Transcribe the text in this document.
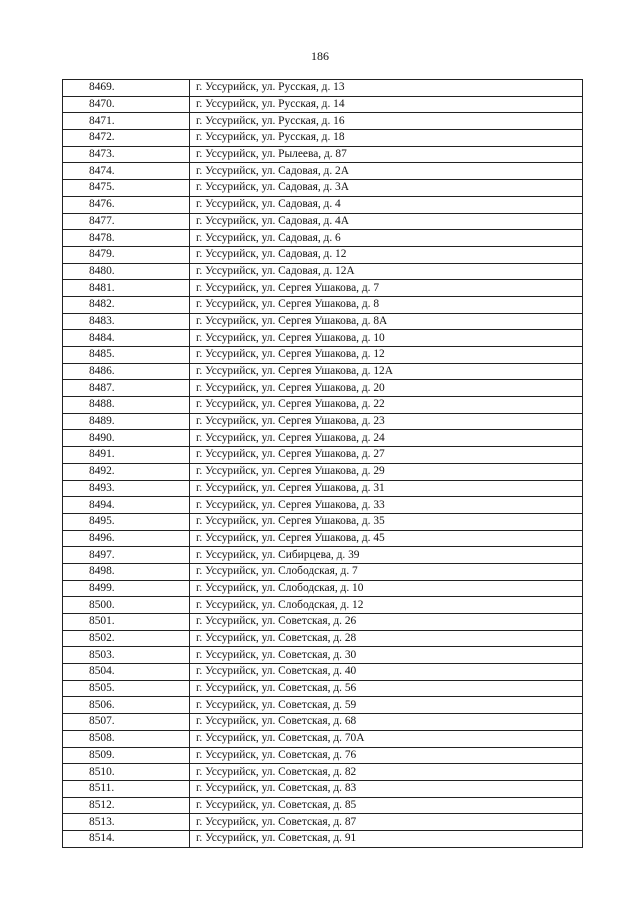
186
8469.	г. Уссурийск, ул. Русская, д. 13
8470.	г. Уссурийск, ул. Русская, д. 14
8471.	г. Уссурийск, ул. Русская, д. 16
8472.	г. Уссурийск, ул. Русская, д. 18
8473.	г. Уссурийск, ул. Рылеева, д. 87
8474.	г. Уссурийск, ул. Садовая, д. 2А
8475.	г. Уссурийск, ул. Садовая, д. 3А
8476.	г. Уссурийск, ул. Садовая, д. 4
8477.	г. Уссурийск, ул. Садовая, д. 4А
8478.	г. Уссурийск, ул. Садовая, д. 6
8479.	г. Уссурийск, ул. Садовая, д. 12
8480.	г. Уссурийск, ул. Садовая, д. 12А
8481.	г. Уссурийск, ул. Сергея Ушакова, д. 7
8482.	г. Уссурийск, ул. Сергея Ушакова, д. 8
8483.	г. Уссурийск, ул. Сергея Ушакова, д. 8А
8484.	г. Уссурийск, ул. Сергея Ушакова, д. 10
8485.	г. Уссурийск, ул. Сергея Ушакова, д. 12
8486.	г. Уссурийск, ул. Сергея Ушакова, д. 12А
8487.	г. Уссурийск, ул. Сергея Ушакова, д. 20
8488.	г. Уссурийск, ул. Сергея Ушакова, д. 22
8489.	г. Уссурийск, ул. Сергея Ушакова, д. 23
8490.	г. Уссурийск, ул. Сергея Ушакова, д. 24
8491.	г. Уссурийск, ул. Сергея Ушакова, д. 27
8492.	г. Уссурийск, ул. Сергея Ушакова, д. 29
8493.	г. Уссурийск, ул. Сергея Ушакова, д. 31
8494.	г. Уссурийск, ул. Сергея Ушакова, д. 33
8495.	г. Уссурийск, ул. Сергея Ушакова, д. 35
8496.	г. Уссурийск, ул. Сергея Ушакова, д. 45
8497.	г. Уссурийск, ул. Сибирцева, д. 39
8498.	г. Уссурийск, ул. Слободская, д. 7
8499.	г. Уссурийск, ул. Слободская, д. 10
8500.	г. Уссурийск, ул. Слободская, д. 12
8501.	г. Уссурийск, ул. Советская, д. 26
8502.	г. Уссурийск, ул. Советская, д. 28
8503.	г. Уссурийск, ул. Советская, д. 30
8504.	г. Уссурийск, ул. Советская, д. 40
8505.	г. Уссурийск, ул. Советская, д. 56
8506.	г. Уссурийск, ул. Советская, д. 59
8507.	г. Уссурийск, ул. Советская, д. 68
8508.	г. Уссурийск, ул. Советская, д. 70А
8509.	г. Уссурийск, ул. Советская, д. 76
8510.	г. Уссурийск, ул. Советская, д. 82
8511.	г. Уссурийск, ул. Советская, д. 83
8512.	г. Уссурийск, ул. Советская, д. 85
8513.	г. Уссурийск, ул. Советская, д. 87
8514.	г. Уссурийск, ул. Советская, д. 91
